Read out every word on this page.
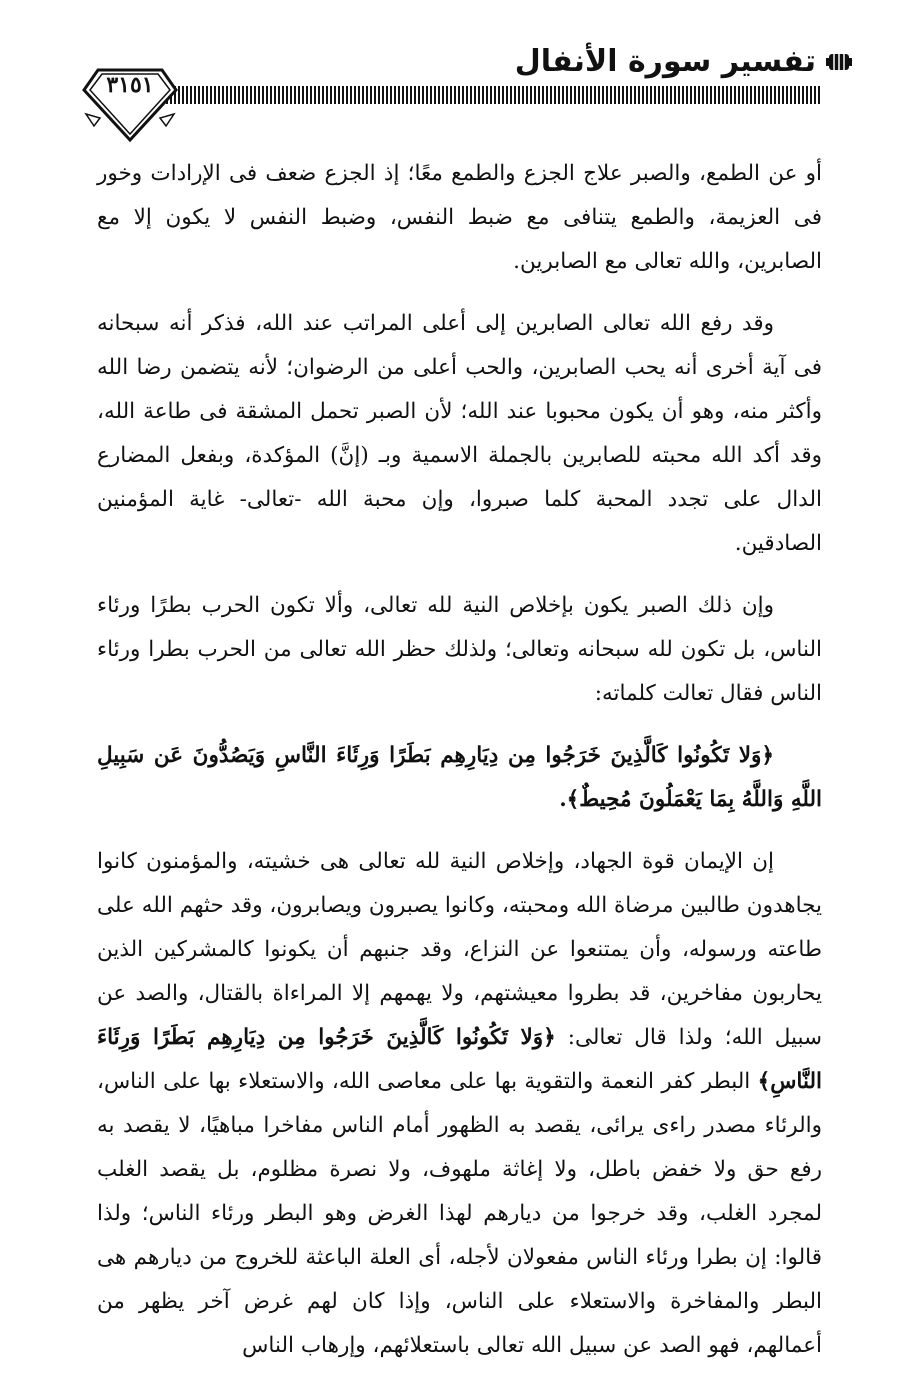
تفسير سورة الأنفال
٣١٥١

أو عن الطمع، والصبر علاج الجزع والطمع معًا؛ إذ الجزع ضعف فى الإرادات وخور فى العزيمة، والطمع يتنافى مع ضبط النفس، وضبط النفس لا يكون إلا مع الصابرين، والله تعالى مع الصابرين.

وقد رفع الله تعالى الصابرين إلى أعلى المراتب عند الله، فذكر أنه سبحانه فى آية أخرى أنه يحب الصابرين، والحب أعلى من الرضوان؛ لأنه يتضمن رضا الله وأكثر منه، وهو أن يكون محبوبا عند الله؛ لأن الصبر تحمل المشقة فى طاعة الله، وقد أكد الله محبته للصابرين بالجملة الاسمية وبـ (إنَّ) المؤكدة، وبفعل المضارع الدال على تجدد المحبة كلما صبروا، وإن محبة الله -تعالى- غاية المؤمنين الصادقين.

وإن ذلك الصبر يكون بإخلاص النية لله تعالى، وألا تكون الحرب بطرًا ورئاء الناس، بل تكون لله سبحانه وتعالى؛ ولذلك حظر الله تعالى من الحرب بطرا ورئاء الناس فقال تعالت كلماته:

﴿وَلا تَكُونُوا كَالَّذِينَ خَرَجُوا مِن دِيَارِهِم بَطَرًا وَرِئَاءَ النَّاسِ وَيَصُدُّونَ عَن سَبِيلِ اللَّهِ وَاللَّهُ بِمَا يَعْمَلُونَ مُحِيطٌ﴾.

إن الإيمان قوة الجهاد، وإخلاص النية لله تعالى هى خشيته، والمؤمنون كانوا يجاهدون طالبين مرضاة الله ومحبته، وكانوا يصبرون ويصابرون، وقد حثهم الله على طاعته ورسوله، وأن يمتنعوا عن النزاع، وقد جنبهم أن يكونوا كالمشركين الذين يحاربون مفاخرين، قد بطروا معيشتهم، ولا يهمهم إلا المراءاة بالقتال، والصد عن سبيل الله؛ ولذا قال تعالى: ﴿وَلا تَكُونُوا كَالَّذِينَ خَرَجُوا مِن دِيَارِهِم بَطَرًا وَرِئَاءَ النَّاسِ﴾ البطر كفر النعمة والتقوية بها على معاصى الله، والاستعلاء بها على الناس، والرئاء مصدر راءى يرائى، يقصد به الظهور أمام الناس مفاخرا مباهيًا، لا يقصد به رفع حق ولا خفض باطل، ولا إغاثة ملهوف، ولا نصرة مظلوم، بل يقصد الغلب لمجرد الغلب، وقد خرجوا من ديارهم لهذا الغرض وهو البطر ورئاء الناس؛ ولذا قالوا: إن بطرا ورئاء الناس مفعولان لأجله، أى العلة الباعثة للخروج من ديارهم هى البطر والمفاخرة والاستعلاء على الناس، وإذا كان لهم غرض آخر يظهر من أعمالهم، فهو الصد عن سبيل الله تعالى باستعلائهم، وإرهاب الناس
